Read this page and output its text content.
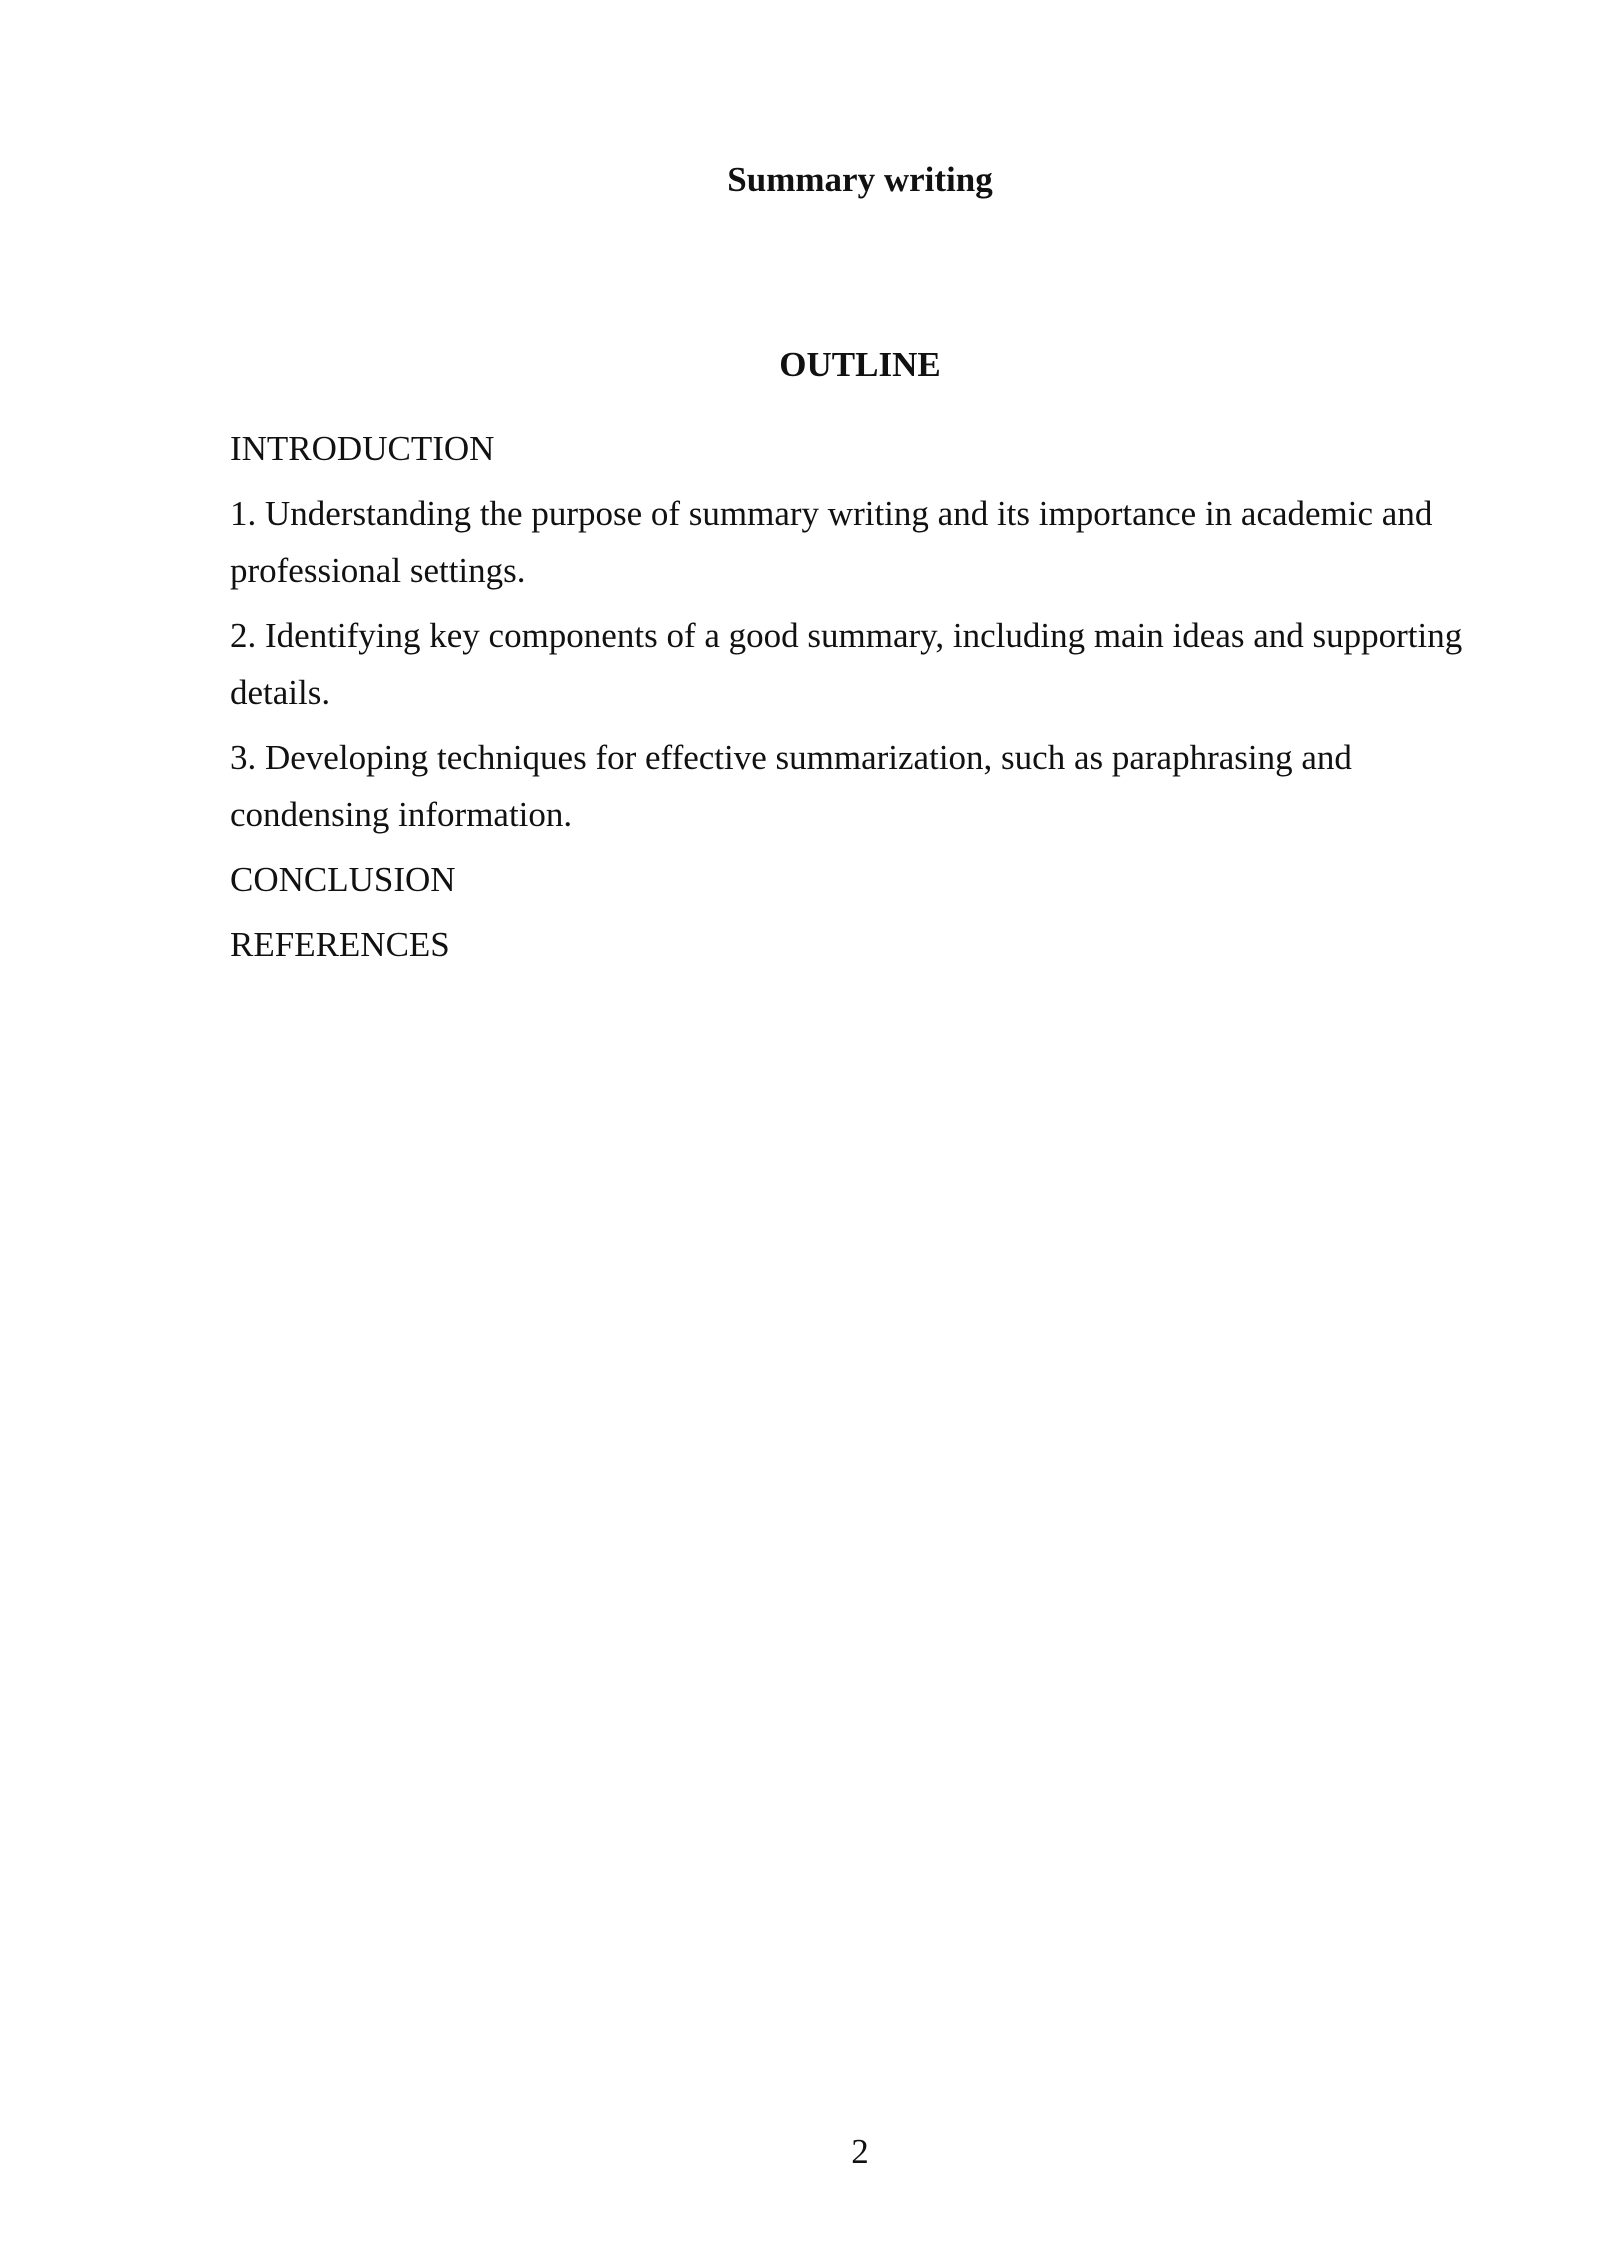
Summary writing
OUTLINE

INTRODUCTION

1. Understanding the purpose of summary writing and its importance in academic and professional settings.

2. Identifying key components of a good summary, including main ideas and supporting details.

3. Developing techniques for effective summarization, such as paraphrasing and condensing information.

CONCLUSION

REFERENCES

2
